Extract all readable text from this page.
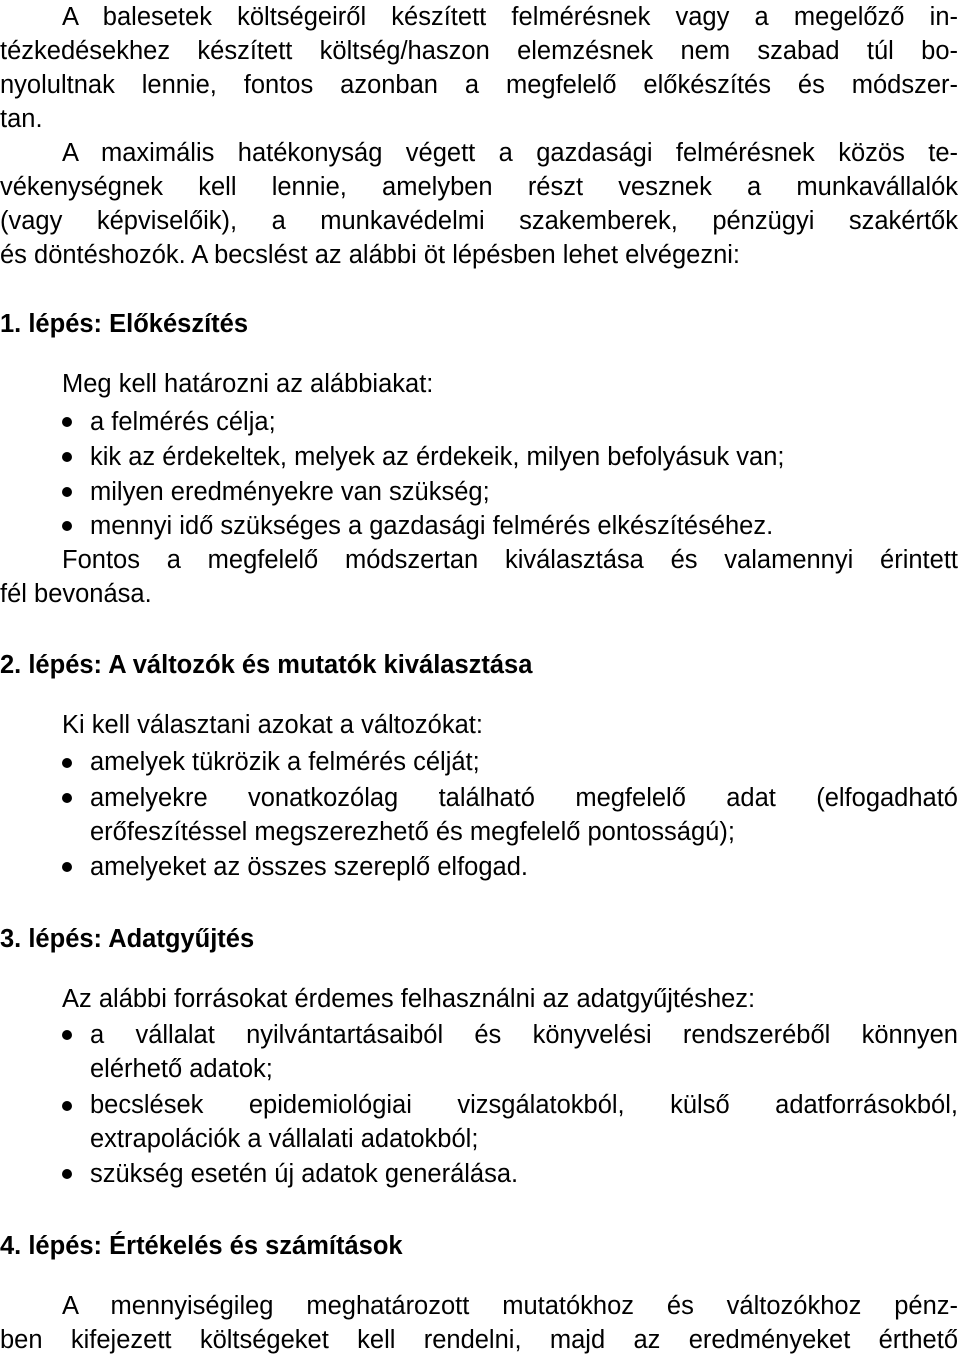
A balesetek költségeiről készített felmérésnek vagy a megelőző in-
tézkedésekhez készített költség/haszon elemzésnek nem szabad túl bo-
nyolultnak lennie, fontos azonban a megfelelő előkészítés és módszer-
tan.
A maximális hatékonyság végett a gazdasági felmérésnek közös te-
vékenységnek kell lennie, amelyben részt vesznek a munkavállalók
(vagy képviselőik), a munkavédelmi szakemberek, pénzügyi szakértők
és döntéshozók. A becslést az alábbi öt lépésben lehet elvégezni:
1. lépés: Előkészítés
Meg kell határozni az alábbiakat:
a felmérés célja;
kik az érdekeltek, melyek az érdekeik, milyen befolyásuk van;
milyen eredményekre van szükség;
mennyi idő szükséges a gazdasági felmérés elkészítéséhez.
Fontos a megfelelő módszertan kiválasztása és valamennyi érintett
fél bevonása.
2. lépés: A változók és mutatók kiválasztása
Ki kell választani azokat a változókat:
amelyek tükrözik a felmérés célját;
amelyekre vonatkozólag található megfelelő adat (elfogadható
erőfeszítéssel megszerezhető és megfelelő pontosságú);
amelyeket az összes szereplő elfogad.
3. lépés: Adatgyűjtés
Az alábbi forrásokat érdemes felhasználni az adatgyűjtéshez:
a vállalat nyilvántartásaiból és könyvelési rendszeréből könnyen
elérhető adatok;
becslések epidemiológiai vizsgálatokból, külső adatforrásokból,
extrapolációk a vállalati adatokból;
szükség esetén új adatok generálása.
4. lépés: Értékelés és számítások
A mennyiségileg meghatározott mutatókhoz és változókhoz pénz-
ben kifejezett költségeket kell rendelni, majd az eredményeket érthető
